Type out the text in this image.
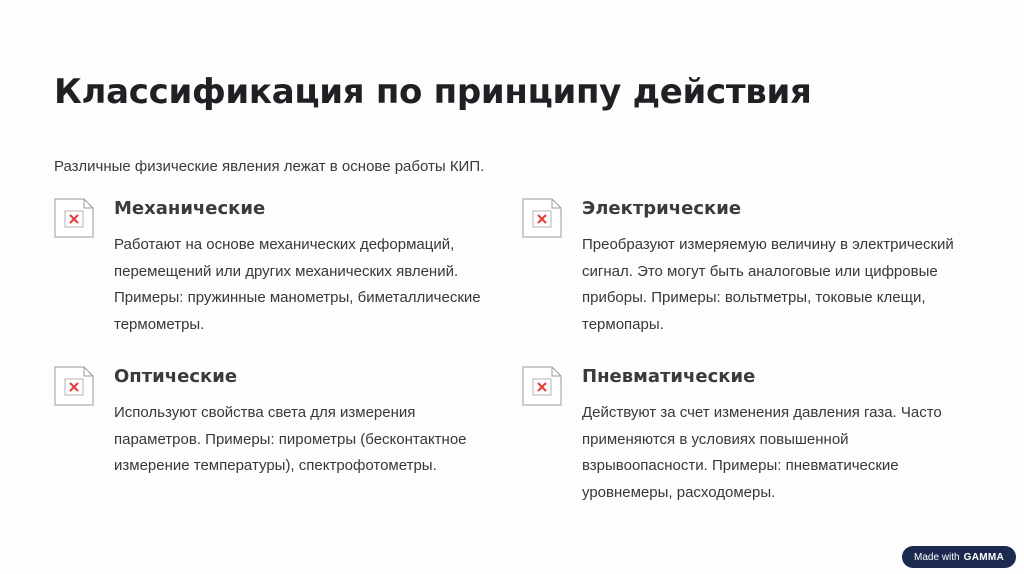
Классификация по принципу действия

Различные физические явления лежат в основе работы КИП.

Механические
Работают на основе механических деформаций, перемещений или других механических явлений. Примеры: пружинные манометры, биметаллические термометры.
Электрические
Преобразуют измеряемую величину в электрический сигнал. Это могут быть аналоговые или цифровые приборы. Примеры: вольтметры, токовые клещи, термопары.
Оптические
Используют свойства света для измерения параметров. Примеры: пирометры (бесконтактное измерение температуры), спектрофотометры.
Пневматические
Действуют за счет изменения давления газа. Часто применяются в условиях повышенной взрывоопасности. Примеры: пневматические уровнемеры, расходомеры.
Made with GAMMA
